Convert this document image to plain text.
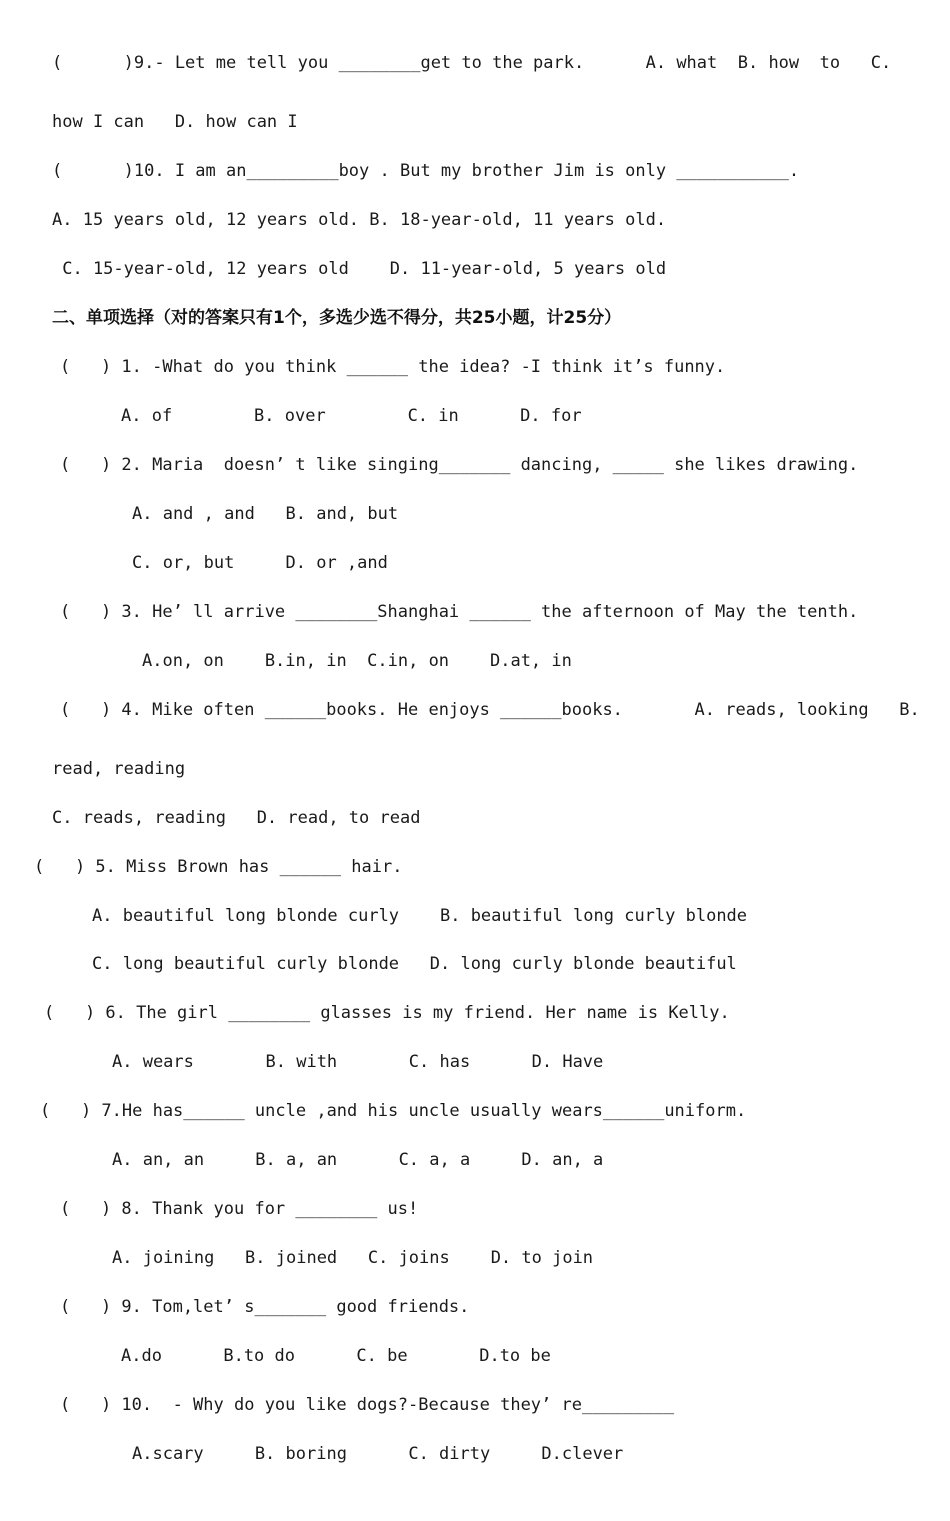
(      )9.- Let me tell you ________get to the park.      A. what  B. how  to   C.
how I can   D. how can I
(      )10. I am an_________boy . But my brother Jim is only ___________.
A. 15 years old, 12 years old. B. 18-year-old, 11 years old.
C. 15-year-old, 12 years old    D. 11-year-old, 5 years old
二、单项选择（对的答案只有1个，多选少选不得分，共25小题，计25分）
(   ) 1. -What do you think ______ the idea? -I think it’s funny.
A. of        B. over        C. in      D. for
(   ) 2. Maria  doesn’ t like singing_______ dancing, _____ she likes drawing.
A. and , and   B. and, but
C. or, but     D. or ,and
(   ) 3. He’ ll arrive ________Shanghai ______ the afternoon of May the tenth.
A.on, on    B.in, in  C.in, on    D.at, in
(   ) 4. Mike often ______books. He enjoys ______books.       A. reads, looking   B.
read, reading
C. reads, reading   D. read, to read
(   ) 5. Miss Brown has ______ hair.
A. beautiful long blonde curly    B. beautiful long curly blonde
C. long beautiful curly blonde   D. long curly blonde beautiful
(   ) 6. The girl ________ glasses is my friend. Her name is Kelly.
A. wears       B. with       C. has      D. Have
(   ) 7.He has______ uncle ,and his uncle usually wears______uniform.
A. an, an     B. a, an      C. a, a     D. an, a
(   ) 8. Thank you for ________ us!
A. joining   B. joined   C. joins    D. to join
(   ) 9. Tom,let’ s_______ good friends.
A.do      B.to do      C. be       D.to be
(   ) 10.  - Why do you like dogs?-Because they’ re_________
A.scary     B. boring      C. dirty     D.clever
